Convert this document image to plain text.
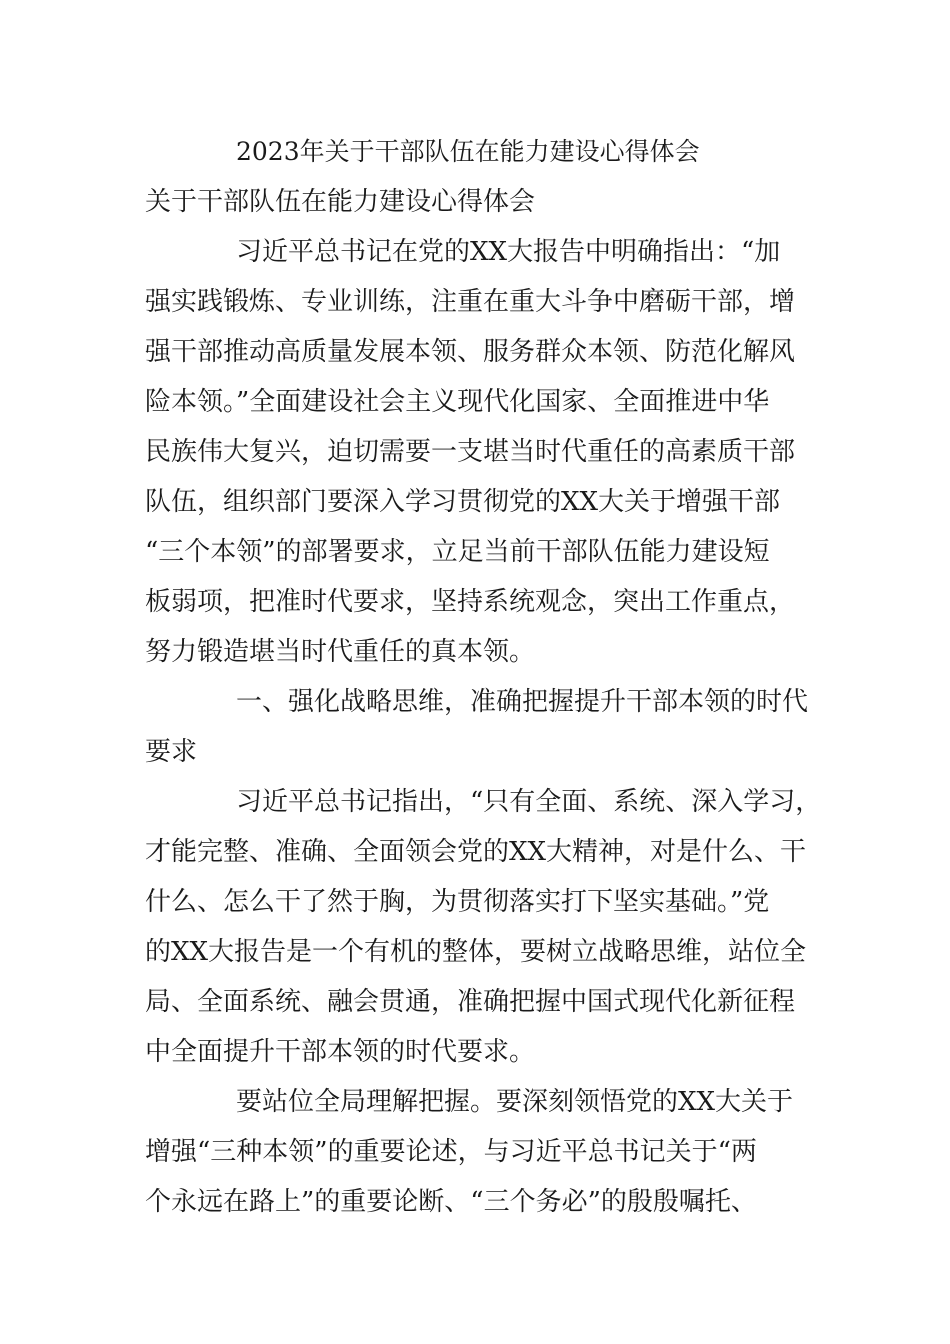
2023年关于干部队伍在能力建设心得体会
关于干部队伍在能力建设心得体会
习近平总书记在党的XX大报告中明确指出：“加
强实践锻炼、专业训练，注重在重大斗争中磨砺干部，增
强干部推动高质量发展本领、服务群众本领、防范化解风
险本领。”全面建设社会主义现代化国家、全面推进中华
民族伟大复兴，迫切需要一支堪当时代重任的高素质干部
队伍，组织部门要深入学习贯彻党的XX大关于增强干部
“三个本领”的部署要求，立足当前干部队伍能力建设短
板弱项，把准时代要求，坚持系统观念，突出工作重点，
努力锻造堪当时代重任的真本领。
一、强化战略思维，准确把握提升干部本领的时代
要求
习近平总书记指出，“只有全面、系统、深入学习，
才能完整、准确、全面领会党的XX大精神，对是什么、干
什么、怎么干了然于胸，为贯彻落实打下坚实基础。”党
的XX大报告是一个有机的整体，要树立战略思维，站位全
局、全面系统、融会贯通，准确把握中国式现代化新征程
中全面提升干部本领的时代要求。
要站位全局理解把握。要深刻领悟党的XX大关于
增强“三种本领”的重要论述，与习近平总书记关于“两
个永远在路上”的重要论断、“三个务必”的殷殷嘱托、
